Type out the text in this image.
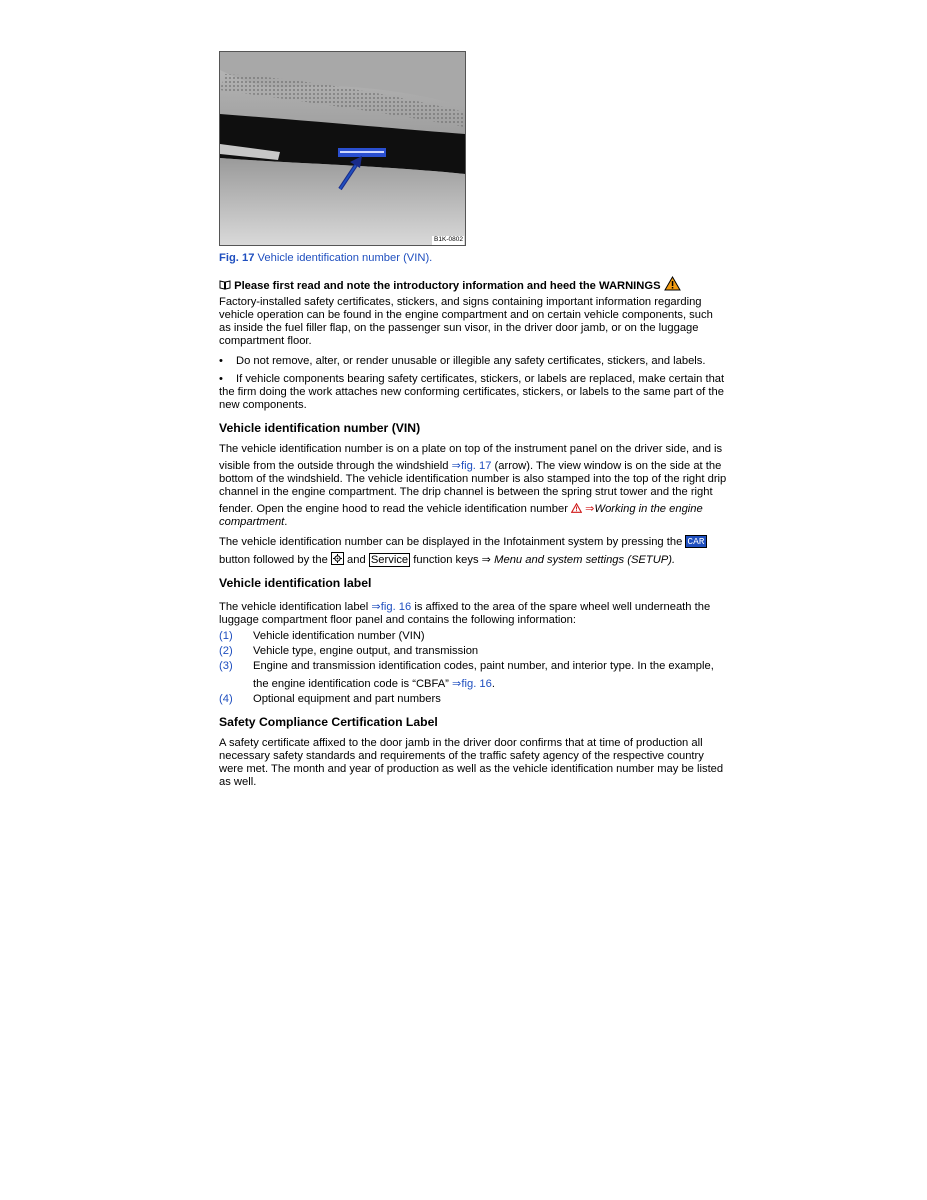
B1K-0802
Fig. 17 Vehicle identification number (VIN).
Please first read and note the introductory information and heed the WARNINGS
Factory-installed safety certificates, stickers, and signs containing important information regarding
vehicle operation can be found in the engine compartment and on certain vehicle components, such
as inside the fuel filler flap, on the passenger sun visor, in the driver door jamb, or on the luggage
compartment floor.
• Do not remove, alter, or render unusable or illegible any safety certificates, stickers, and labels.
• If vehicle components bearing safety certificates, stickers, or labels are replaced, make certain that
the firm doing the work attaches new conforming certificates, stickers, or labels to the same part of the
new components.
Vehicle identification number (VIN)
The vehicle identification number is on a plate on top of the instrument panel on the driver side, and is
visible from the outside through the windshield ⇒fig. 17 (arrow). The view window is on the side at the
bottom of the windshield. The vehicle identification number is also stamped into the top of the right drip
channel in the engine compartment. The drip channel is between the spring strut tower and the right
fender. Open the engine hood to read the vehicle identification number  ⇒Working in the engine
compartment.
The vehicle identification number can be displayed in the Infotainment system by pressing the CAR
button followed by the
and Service function keys ⇒ Menu and system settings (SETUP).
Vehicle identification label
The vehicle identification label ⇒fig. 16 is affixed to the area of the spare wheel well underneath the
luggage compartment floor panel and contains the following information:
(1) Vehicle identification number (VIN)
(2) Vehicle type, engine output, and transmission
(3) Engine and transmission identification codes, paint number, and interior type. In the example,
the engine identification code is “CBFA” ⇒fig. 16.
(4) Optional equipment and part numbers
Safety Compliance Certification Label
A safety certificate affixed to the door jamb in the driver door confirms that at time of production all
necessary safety standards and requirements of the traffic safety agency of the respective country
were met. The month and year of production as well as the vehicle identification number may be listed
as well.
